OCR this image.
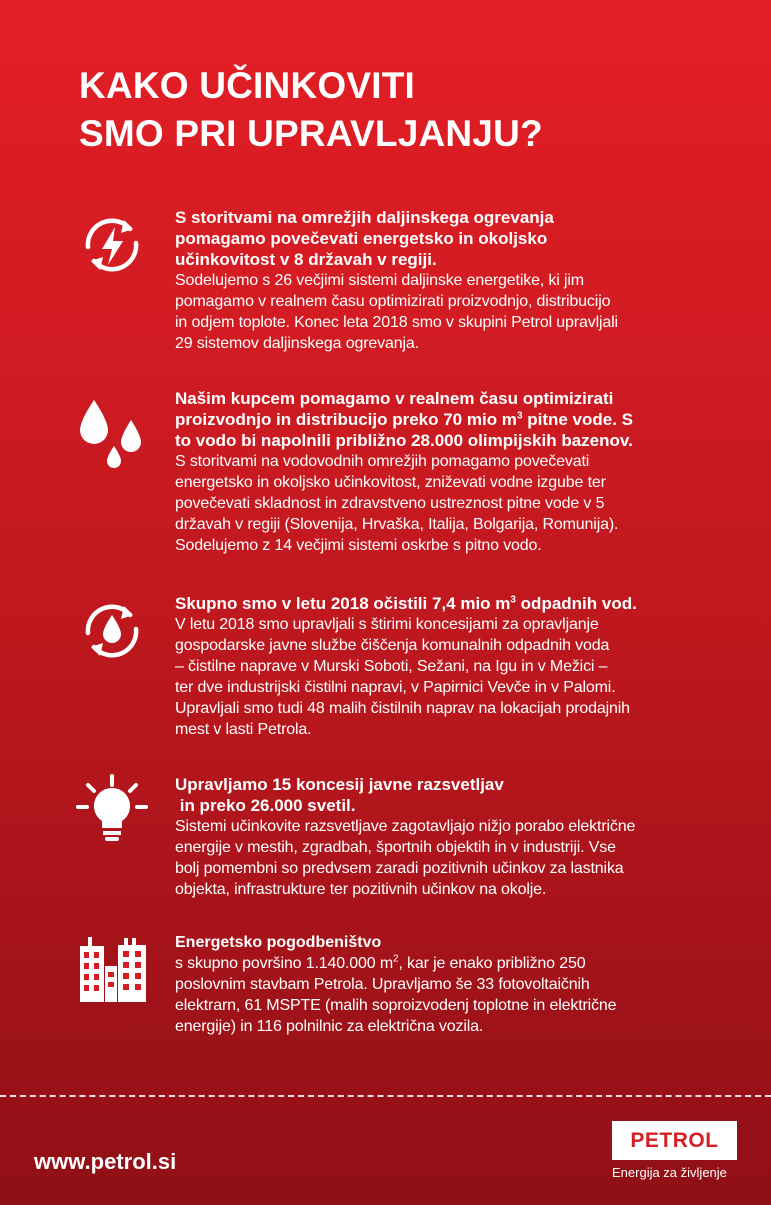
KAKO UČINKOVITI
SMO PRI UPRAVLJANJU?

S storitvami na omrežjih daljinskega ogrevanja
pomagamo povečevati energetsko in okoljsko
učinkovitost v 8 državah v regiji.

Sodelujemo s 26 večjimi sistemi daljinske energetike, ki jim
pomagamo v realnem času optimizirati proizvodnjo, distribucijo
in odjem toplote. Konec leta 2018 smo v skupini Petrol upravljali
29 sistemov daljinskega ogrevanja.

Našim kupcem pomagamo v realnem času optimizirati
proizvodnjo in distribucijo preko 70 mio $m^3$ pitne vode. S
to vodo bi napolnili približno 28.000 olimpijskih bazenov.

S storitvami na vodovodnih omrežjih pomagamo povečevati
energetsko in okoljsko učinkovitost, zniževati vodne izgube ter
povečevati skladnost in zdravstveno ustreznost pitne vode v 5
državah v regiji (Slovenija, Hrvaška, Italija, Bolgarija, Romunija).
Sodelujemo z 14 večjimi sistemi oskrbe s pitno vodo.

Skupno smo v letu 2018 očistili 7,4 mio $m^3$ odpadnih vod.

V letu 2018 smo upravljali s štirimi koncesijami za opravljanje
gospodarske javne službe čiščenja komunalnih odpadnih voda
– čistilne naprave v Murski Soboti, Sežani, na Igu in v Mežici –
ter dve industrijski čistilni napravi, v Papirnici Vevče in v Palomi.
Upravljali smo tudi 48 malih čistilnih naprav na lokacijah prodajnih
mest v lasti Petrola.

Upravljamo 15 koncesij javne razsvetljav
in preko 26.000 svetil.

Sistemi učinkovite razsvetljave zagotavljajo nižjo porabo električne
energije v mestih, zgradbah, športnih objektih in v industriji. Vse
bolj pomembni so predvsem zaradi pozitivnih učinkov za lastnika
objekta, infrastrukture ter pozitivnih učinkov na okolje.

Energetsko pogodbeništvo

s skupno površino 1.140.000 $m^2$, kar je enako približno 250
poslovnim stavbam Petrola. Upravljamo še 33 fotovoltaičnih
elektrarn, 61 MSPTE (malih soproizvodenj toplotne in električne
energije) in 116 polnilnic za električna vozila.

www.petrol.si
PETROL
Energija za življenje
